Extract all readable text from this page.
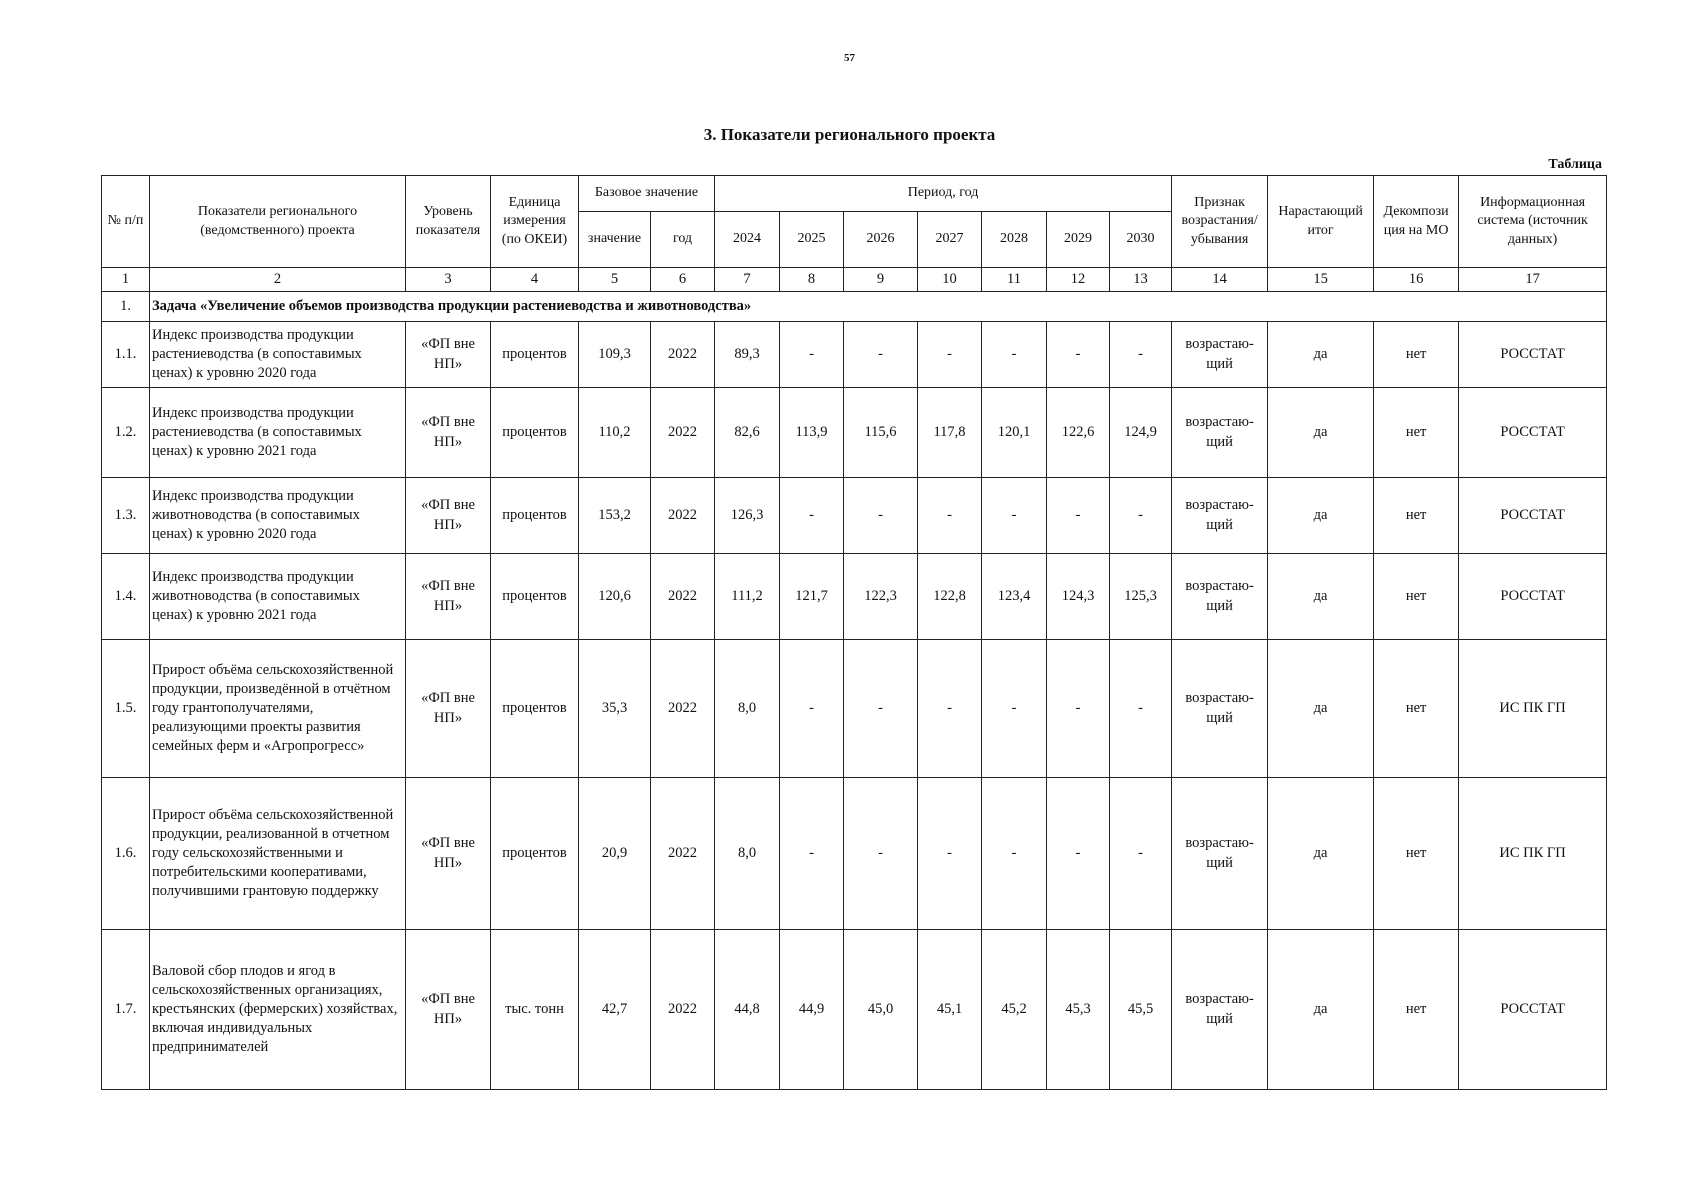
57
3. Показатели регионального проекта
Таблица
№ п/п	Показатели регионального (ведомственного) проекта	Уровень показателя	Единица измерения (по ОКЕИ)	Базовое значение		Период, год							Признак возрастания/ убывания	Нарастающий итог	Декомпози ция на МО	Информационная система (источник данных)
				значение	год	2024	2025	2026	2027	2028	2029	2030				
1	2	3	4	5	6	7	8	9	10	11	12	13	14	15	16	17
1.	Задача «Увеличение объемов производства продукции растениеводства и животноводства»															
1.1.	Индекс производства продукции растениеводства (в сопоставимых ценах) к уровню 2020 года	«ФП вне НП»	процентов	109,3	2022	89,3	-	-	-	-	-	-	возрастаю- щий	да	нет	РОССТАТ
1.2.	Индекс производства продукции растениеводства (в сопоставимых ценах) к уровню 2021 года	«ФП вне НП»	процентов	110,2	2022	82,6	113,9	115,6	117,8	120,1	122,6	124,9	возрастаю- щий	да	нет	РОССТАТ
1.3.	Индекс производства продукции животноводства (в сопоставимых ценах) к уровню 2020 года	«ФП вне НП»	процентов	153,2	2022	126,3	-	-	-	-	-	-	возрастаю- щий	да	нет	РОССТАТ
1.4.	Индекс производства продукции животноводства (в сопоставимых ценах) к уровню 2021 года	«ФП вне НП»	процентов	120,6	2022	111,2	121,7	122,3	122,8	123,4	124,3	125,3	возрастаю- щий	да	нет	РОССТАТ
1.5.	Прирост объёма сельскохозяйственной продукции, произведённой в отчётном году грантополучателями, реализующими проекты развития семейных ферм и «Агропрогресс»	«ФП вне НП»	процентов	35,3	2022	8,0	-	-	-	-	-	-	возрастаю- щий	да	нет	ИС ПК ГП
1.6.	Прирост объёма сельскохозяйственной продукции, реализованной в отчетном году сельскохозяйственными и потребительскими кооперативами, получившими грантовую поддержку	«ФП вне НП»	процентов	20,9	2022	8,0	-	-	-	-	-	-	возрастаю- щий	да	нет	ИС ПК ГП
1.7.	Валовой сбор плодов и ягод в сельскохозяйственных организациях, крестьянских (фермерских) хозяйствах, включая индивидуальных предпринимателей	«ФП вне НП»	тыс. тонн	42,7	2022	44,8	44,9	45,0	45,1	45,2	45,3	45,5	возрастаю- щий	да	нет	РОССТАТ
